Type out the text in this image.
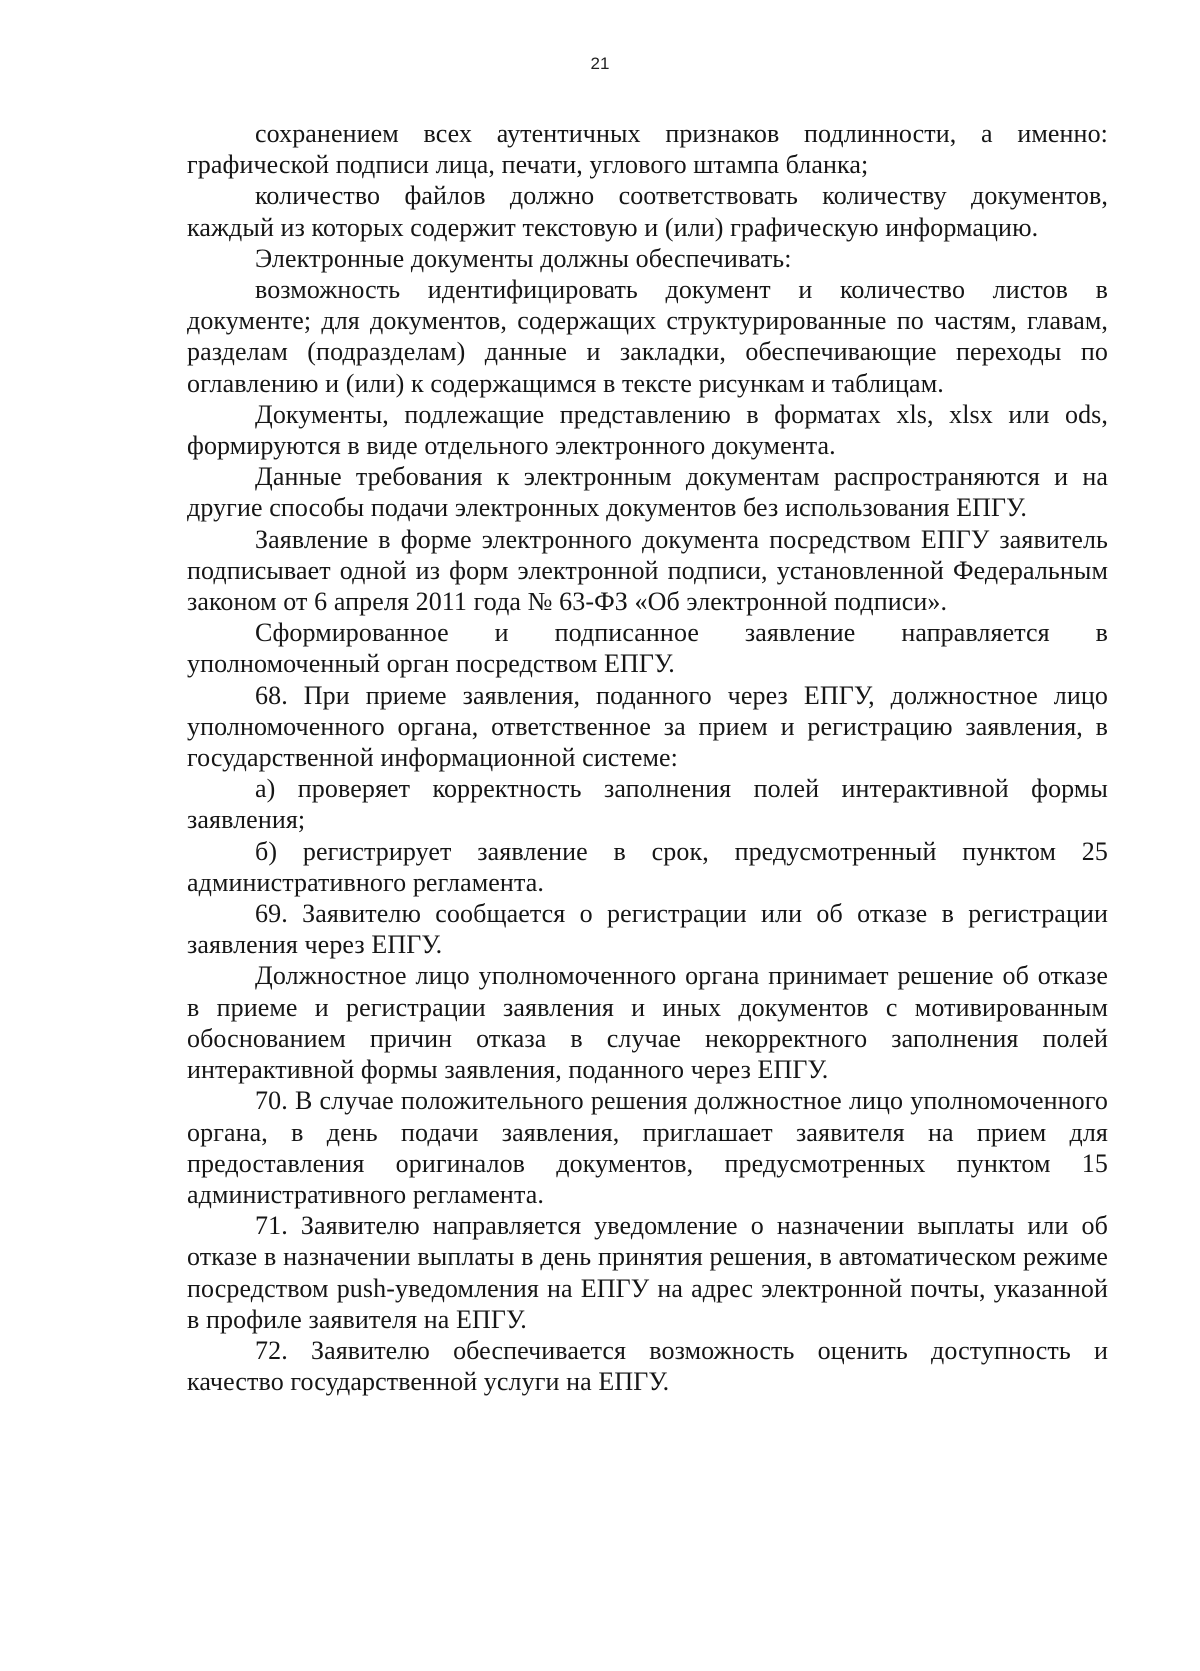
21

сохранением всех аутентичных признаков подлинности, а именно: графической подписи лица, печати, углового штампа бланка;

количество файлов должно соответствовать количеству документов, каждый из которых содержит текстовую и (или) графическую информацию.

Электронные документы должны обеспечивать:

возможность идентифицировать документ и количество листов в документе; для документов, содержащих структурированные по частям, главам, разделам (подразделам) данные и закладки, обеспечивающие переходы по оглавлению и (или) к содержащимся в тексте рисункам и таблицам.

Документы, подлежащие представлению в форматах xls, xlsx или ods, формируются в виде отдельного электронного документа.

Данные требования к электронным документам распространяются и на другие способы подачи электронных документов без использования ЕПГУ.

Заявление в форме электронного документа посредством ЕПГУ заявитель подписывает одной из форм электронной подписи, установленной Федеральным законом от 6 апреля 2011 года № 63-ФЗ «Об электронной подписи».

Сформированное и подписанное заявление направляется в уполномоченный орган посредством ЕПГУ.

68. При приеме заявления, поданного через ЕПГУ, должностное лицо уполномоченного органа, ответственное за прием и регистрацию заявления, в государственной информационной системе:

а) проверяет корректность заполнения полей интерактивной формы заявления;

б) регистрирует заявление в срок, предусмотренный пунктом 25 административного регламента.

69. Заявителю сообщается о регистрации или об отказе в регистрации заявления через ЕПГУ.

Должностное лицо уполномоченного органа принимает решение об отказе в приеме и регистрации заявления и иных документов с мотивированным обоснованием причин отказа в случае некорректного заполнения полей интерактивной формы заявления, поданного через ЕПГУ.

70. В случае положительного решения должностное лицо уполномоченного органа, в день подачи заявления, приглашает заявителя на прием для предоставления оригиналов документов, предусмотренных пунктом 15 административного регламента.

71. Заявителю направляется уведомление о назначении выплаты или об отказе в назначении выплаты в день принятия решения, в автоматическом режиме посредством push-уведомления на ЕПГУ на адрес электронной почты, указанной в профиле заявителя на ЕПГУ.

72. Заявителю обеспечивается возможность оценить доступность и качество государственной услуги на ЕПГУ.
